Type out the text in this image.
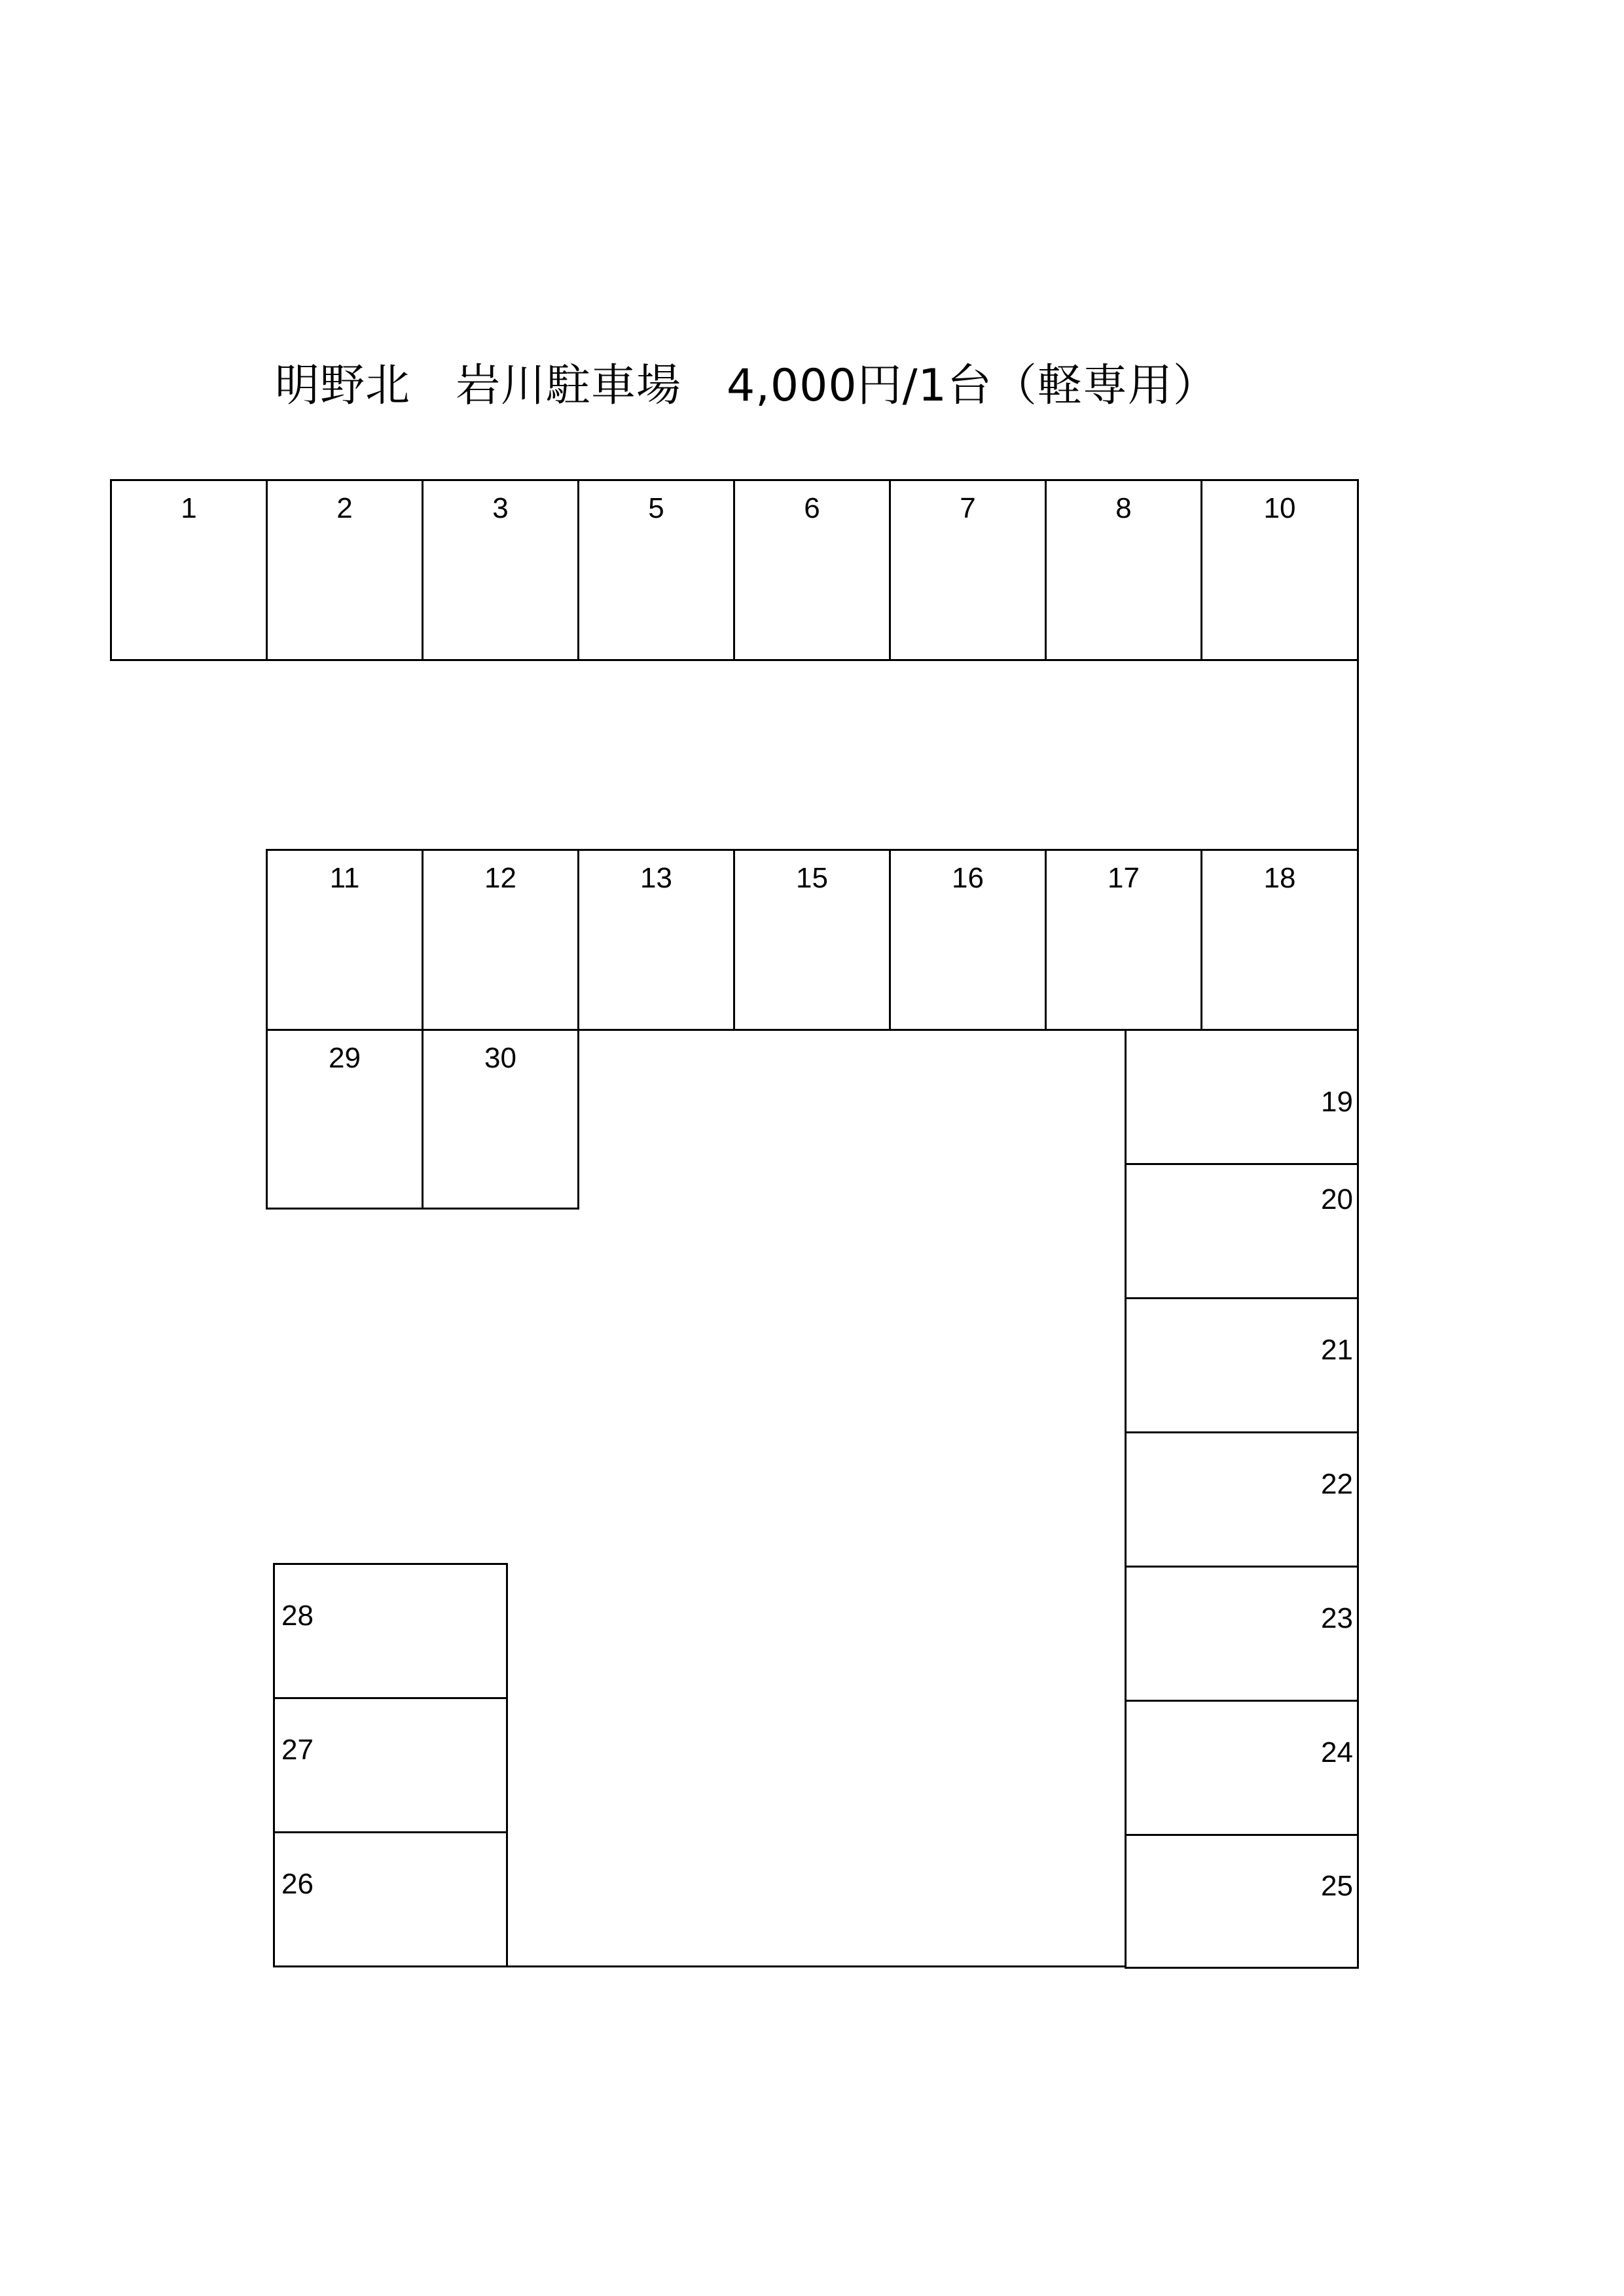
明野北　岩川駐車場　4,000円/1台（軽専用）
1	2	3	5	6	7	8	10
11	12	13	15	16	17	18
29	30
19
20
21
22
23
24
25
28
27
26
